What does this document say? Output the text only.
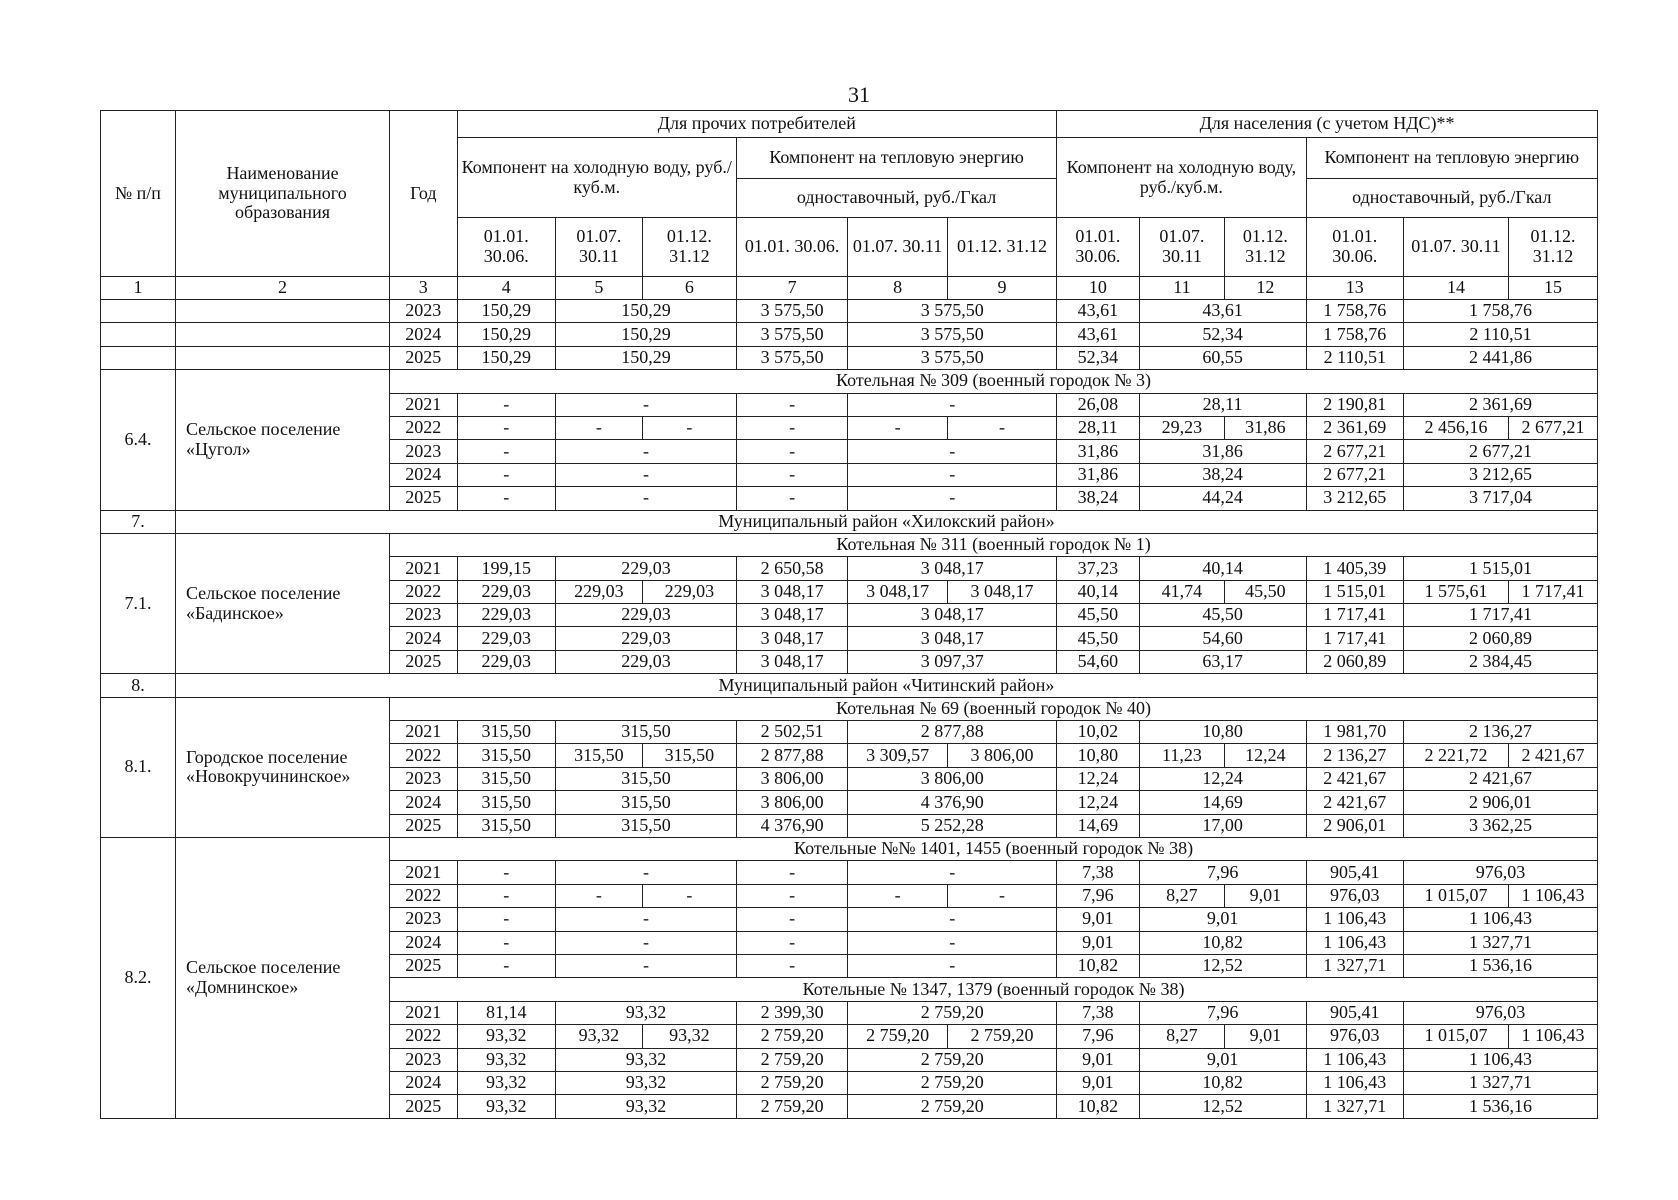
31
№ п/п	Наименование муниципального образования	Год	Для прочих потребителей						Для населения (с учетом НДС)**					
			Компонент на холодную воду, руб./куб.м.			Компонент на тепловую энергию			Компонент на холодную воду, руб./куб.м.			Компонент на тепловую энергию		
						одноставочный, руб./Гкал						одноставочный, руб./Гкал		
			01.01. 30.06.	01.07. 30.11	01.12. 31.12	01.01. 30.06.	01.07. 30.11	01.12. 31.12	01.01. 30.06.	01.07. 30.11	01.12. 31.12	01.01. 30.06.	01.07. 30.11	01.12. 31.12
1	2	3	4	5	6	7	8	9	10	11	12	13	14	15
		2023	150,29	150,29		3 575,50	3 575,50		43,61	43,61		1 758,76	1 758,76	
		2024	150,29	150,29		3 575,50	3 575,50		43,61	52,34		1 758,76	2 110,51	
		2025	150,29	150,29		3 575,50	3 575,50		52,34	60,55		2 110,51	2 441,86	
6.4.	Сельское поселение «Цугол»	Котельная № 309 (военный городок № 3)												
		2021	-	-		-	-		26,08	28,11		2 190,81	2 361,69	
		2022	-	-	-	-	-	-	28,11	29,23	31,86	2 361,69	2 456,16	2 677,21
		2023	-	-		-	-		31,86	31,86		2 677,21	2 677,21	
		2024	-	-		-	-		31,86	38,24		2 677,21	3 212,65	
		2025	-	-		-	-		38,24	44,24		3 212,65	3 717,04	
7.	Муниципальный район «Хилокский район»													
7.1.	Сельское поселение «Бадинское»	Котельная № 311 (военный городок № 1)												
		2021	199,15	229,03		2 650,58	3 048,17		37,23	40,14		1 405,39	1 515,01	
		2022	229,03	229,03	229,03	3 048,17	3 048,17	3 048,17	40,14	41,74	45,50	1 515,01	1 575,61	1 717,41
		2023	229,03	229,03		3 048,17	3 048,17		45,50	45,50		1 717,41	1 717,41	
		2024	229,03	229,03		3 048,17	3 048,17		45,50	54,60		1 717,41	2 060,89	
		2025	229,03	229,03		3 048,17	3 097,37		54,60	63,17		2 060,89	2 384,45	
8.	Муниципальный район «Читинский район»													
8.1.	Городское поселение «Новокручининское»	Котельная № 69 (военный городок № 40)												
		2021	315,50	315,50		2 502,51	2 877,88		10,02	10,80		1 981,70	2 136,27	
		2022	315,50	315,50	315,50	2 877,88	3 309,57	3 806,00	10,80	11,23	12,24	2 136,27	2 221,72	2 421,67
		2023	315,50	315,50		3 806,00	3 806,00		12,24	12,24		2 421,67	2 421,67	
		2024	315,50	315,50		3 806,00	4 376,90		12,24	14,69		2 421,67	2 906,01	
		2025	315,50	315,50		4 376,90	5 252,28		14,69	17,00		2 906,01	3 362,25	
8.2.	Сельское поселение «Домнинское»	Котельные №№ 1401, 1455 (военный городок № 38)												
		2021	-	-		-	-		7,38	7,96		905,41	976,03	
		2022	-	-	-	-	-	-	7,96	8,27	9,01	976,03	1 015,07	1 106,43
		2023	-	-		-	-		9,01	9,01		1 106,43	1 106,43	
		2024	-	-		-	-		9,01	10,82		1 106,43	1 327,71	
		2025	-	-		-	-		10,82	12,52		1 327,71	1 536,16	
		Котельные № 1347, 1379 (военный городок № 38)												
		2021	81,14	93,32		2 399,30	2 759,20		7,38	7,96		905,41	976,03	
		2022	93,32	93,32	93,32	2 759,20	2 759,20	2 759,20	7,96	8,27	9,01	976,03	1 015,07	1 106,43
		2023	93,32	93,32		2 759,20	2 759,20		9,01	9,01		1 106,43	1 106,43	
		2024	93,32	93,32		2 759,20	2 759,20		9,01	10,82		1 106,43	1 327,71	
		2025	93,32	93,32		2 759,20	2 759,20		10,82	12,52		1 327,71	1 536,16	
